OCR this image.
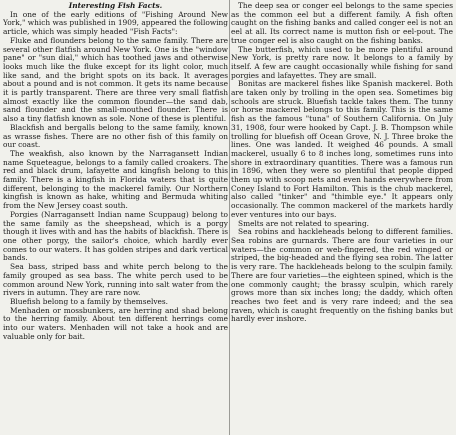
Interesting Fish Facts.
In one of the early editions of "Fishing Around New York," which was published in 1909, appeared the following article, which was simply headed "Fish Facts":
Fluke and flounders belong to the same family. There are several other flatfish around New York. One is the "window pane" or "sun dial," which has toothed jaws and otherwise looks much like the fluke except for its light color, much like sand, and the bright spots on its back. It averages about a pound and is not common. It gets its name because it is partly transparent. There are three very small flatfish almost exactly like the common flounder—the sand dab, sand flounder and the small-mouthed flounder. There is also a tiny flatfish known as sole. None of these is plentiful.
Blackfish and bergalls belong to the same family, known as wrasse fishes. There are no other fish of this family on our coast.
The weakfish, also known by the Narragansett Indian name Squeteague, belongs to a family called croakers. The red and black drum, lafayette and kingfish belong to this family. There is a kingfish in Florida waters that is quite different, belonging to the mackerel family. Our Northern kingfish is known as hake, whiting and Bermuda whiting from the New Jersey coast south.
Porgies (Narragansett Indian name Scuppaug) belong to the same family as the sheepshead, which is a porgy though it lives with and has the habits of blackfish. There is one other porgy, the sailor's choice, which hardly ever comes to our waters. It has golden stripes and dark vertical bands.
Sea bass, striped bass and white perch belong to the family grouped as sea bass. The white perch used to be common around New York, running into salt water from the rivers in autumn. They are rare now.
Bluefish belong to a family by themselves.
Menhaden or mossbunkers, are herring and shad belong to the herring family. About ten different herrings come into our waters. Menhaden will not take a hook and are valuable only for bait.
The deep sea or conger eel belongs to the same species as the common eel but a different family. A fish often caught on the fishing banks and called conger eel is not an eel at all. Its correct name is mutton fish or eel-pout. The true conger eel is also caught on the fishing banks.
The butterfish, which used to be more plentiful around New York, is pretty rare now. It belongs to a family by itself. A few are caught occasionally while fishing for sand porgies and lafayettes. They are small.
Bonitas are mackerel fishes like Spanish mackerel. Both are taken only by trolling in the open sea. Sometimes big schools are struck. Bluefish tackle takes them. The tunny or horse mackerel belongs to this family. This is the same fish as the famous "tuna" of Southern California. On July 31, 1908, four were hooked by Capt. J. B. Thompson while trolling for bluefish off Ocean Grove, N. J. Three broke the lines. One was landed. It weighed 46 pounds. A small mackerel, usually 6 to 8 inches long, sometimes runs into shore in extraordinary quantities. There was a famous run in 1896, when they were so plentiful that people dipped them up with scoop nets and even hands everywhere from Coney Island to Fort Hamilton. This is the chub mackerel, also called "tinker" and "thimble eye." It appears only occasionally. The common mackerel of the markets hardly ever ventures into our bays.
Smelts are not related to spearing.
Sea robins and hackleheads belong to different families. Sea robins are gurnards. There are four varieties in our waters—the common or web-fingered, the red winged or striped, the big-headed and the flying sea robin. The latter is very rare. The hackleheads belong to the sculpin family. There are four varieties—the eighteen spined, which is the one commonly caught; the brassy sculpin, which rarely grows more than six inches long; the daddy, which often reaches two feet and is very rare indeed; and the sea raven, which is caught frequently on the fishing banks but hardly ever inshore.
